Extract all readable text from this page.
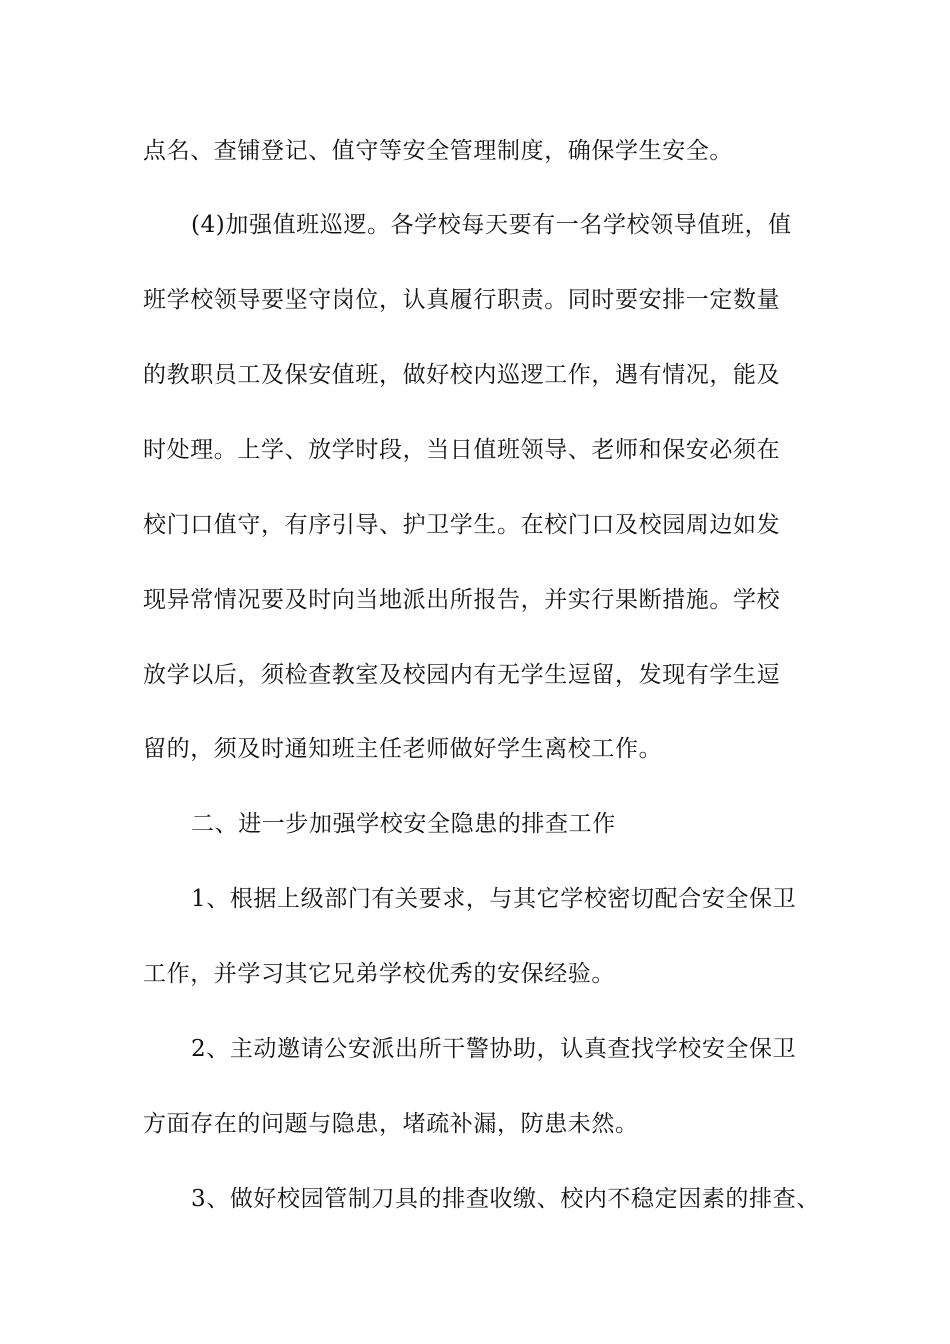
点名、查铺登记、值守等安全管理制度，确保学生安全。
(4)加强值班巡逻。各学校每天要有一名学校领导值班，值
班学校领导要坚守岗位，认真履行职责。同时要安排一定数量
的教职员工及保安值班，做好校内巡逻工作，遇有情况，能及
时处理。上学、放学时段，当日值班领导、老师和保安必须在
校门口值守，有序引导、护卫学生。在校门口及校园周边如发
现异常情况要及时向当地派出所报告，并实行果断措施。学校
放学以后，须检查教室及校园内有无学生逗留，发现有学生逗
留的，须及时通知班主任老师做好学生离校工作。
二、进一步加强学校安全隐患的排查工作
1、根据上级部门有关要求，与其它学校密切配合安全保卫
工作，并学习其它兄弟学校优秀的安保经验。
2、主动邀请公安派出所干警协助，认真查找学校安全保卫
方面存在的问题与隐患，堵疏补漏，防患未然。
3、做好校园管制刀具的排查收缴、校内不稳定因素的排查、
